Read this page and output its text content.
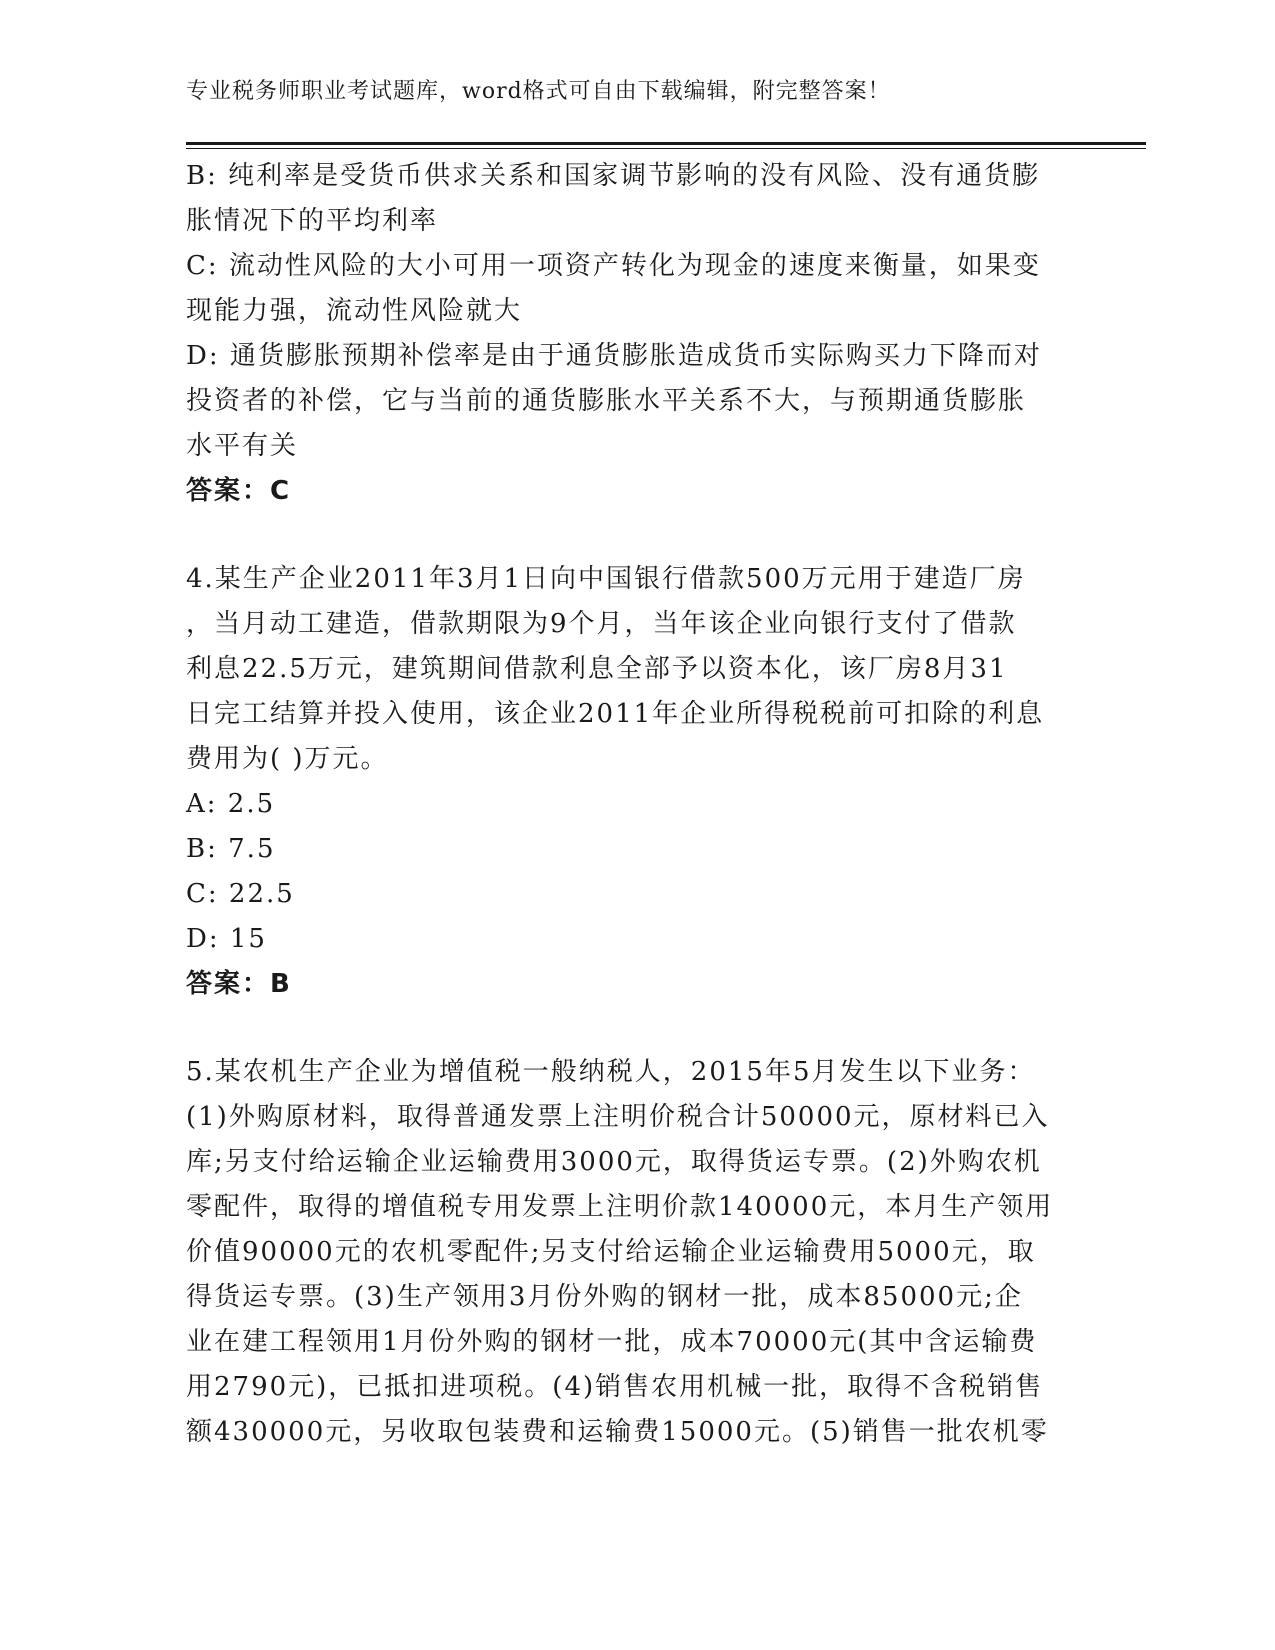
专业税务师职业考试题库，word格式可自由下载编辑，附完整答案！
B: 纯利率是受货币供求关系和国家调节影响的没有风险、没有通货膨
胀情况下的平均利率
C: 流动性风险的大小可用一项资产转化为现金的速度来衡量，如果变
现能力强，流动性风险就大
D: 通货膨胀预期补偿率是由于通货膨胀造成货币实际购买力下降而对
投资者的补偿，它与当前的通货膨胀水平关系不大，与预期通货膨胀
水平有关
答案：C
4.某生产企业2011年3月1日向中国银行借款500万元用于建造厂房
，当月动工建造，借款期限为9个月，当年该企业向银行支付了借款
利息22.5万元，建筑期间借款利息全部予以资本化，该厂房8月31
日完工结算并投入使用，该企业2011年企业所得税税前可扣除的利息
费用为( )万元。
A: 2.5
B: 7.5
C: 22.5
D: 15
答案：B
5.某农机生产企业为增值税一般纳税人，2015年5月发生以下业务：
(1)外购原材料，取得普通发票上注明价税合计50000元，原材料已入
库;另支付给运输企业运输费用3000元，取得货运专票。(2)外购农机
零配件，取得的增值税专用发票上注明价款140000元，本月生产领用
价值90000元的农机零配件;另支付给运输企业运输费用5000元，取
得货运专票。(3)生产领用3月份外购的钢材一批，成本85000元;企
业在建工程领用1月份外购的钢材一批，成本70000元(其中含运输费
用2790元)，已抵扣进项税。(4)销售农用机械一批，取得不含税销售
额430000元，另收取包装费和运输费15000元。(5)销售一批农机零
